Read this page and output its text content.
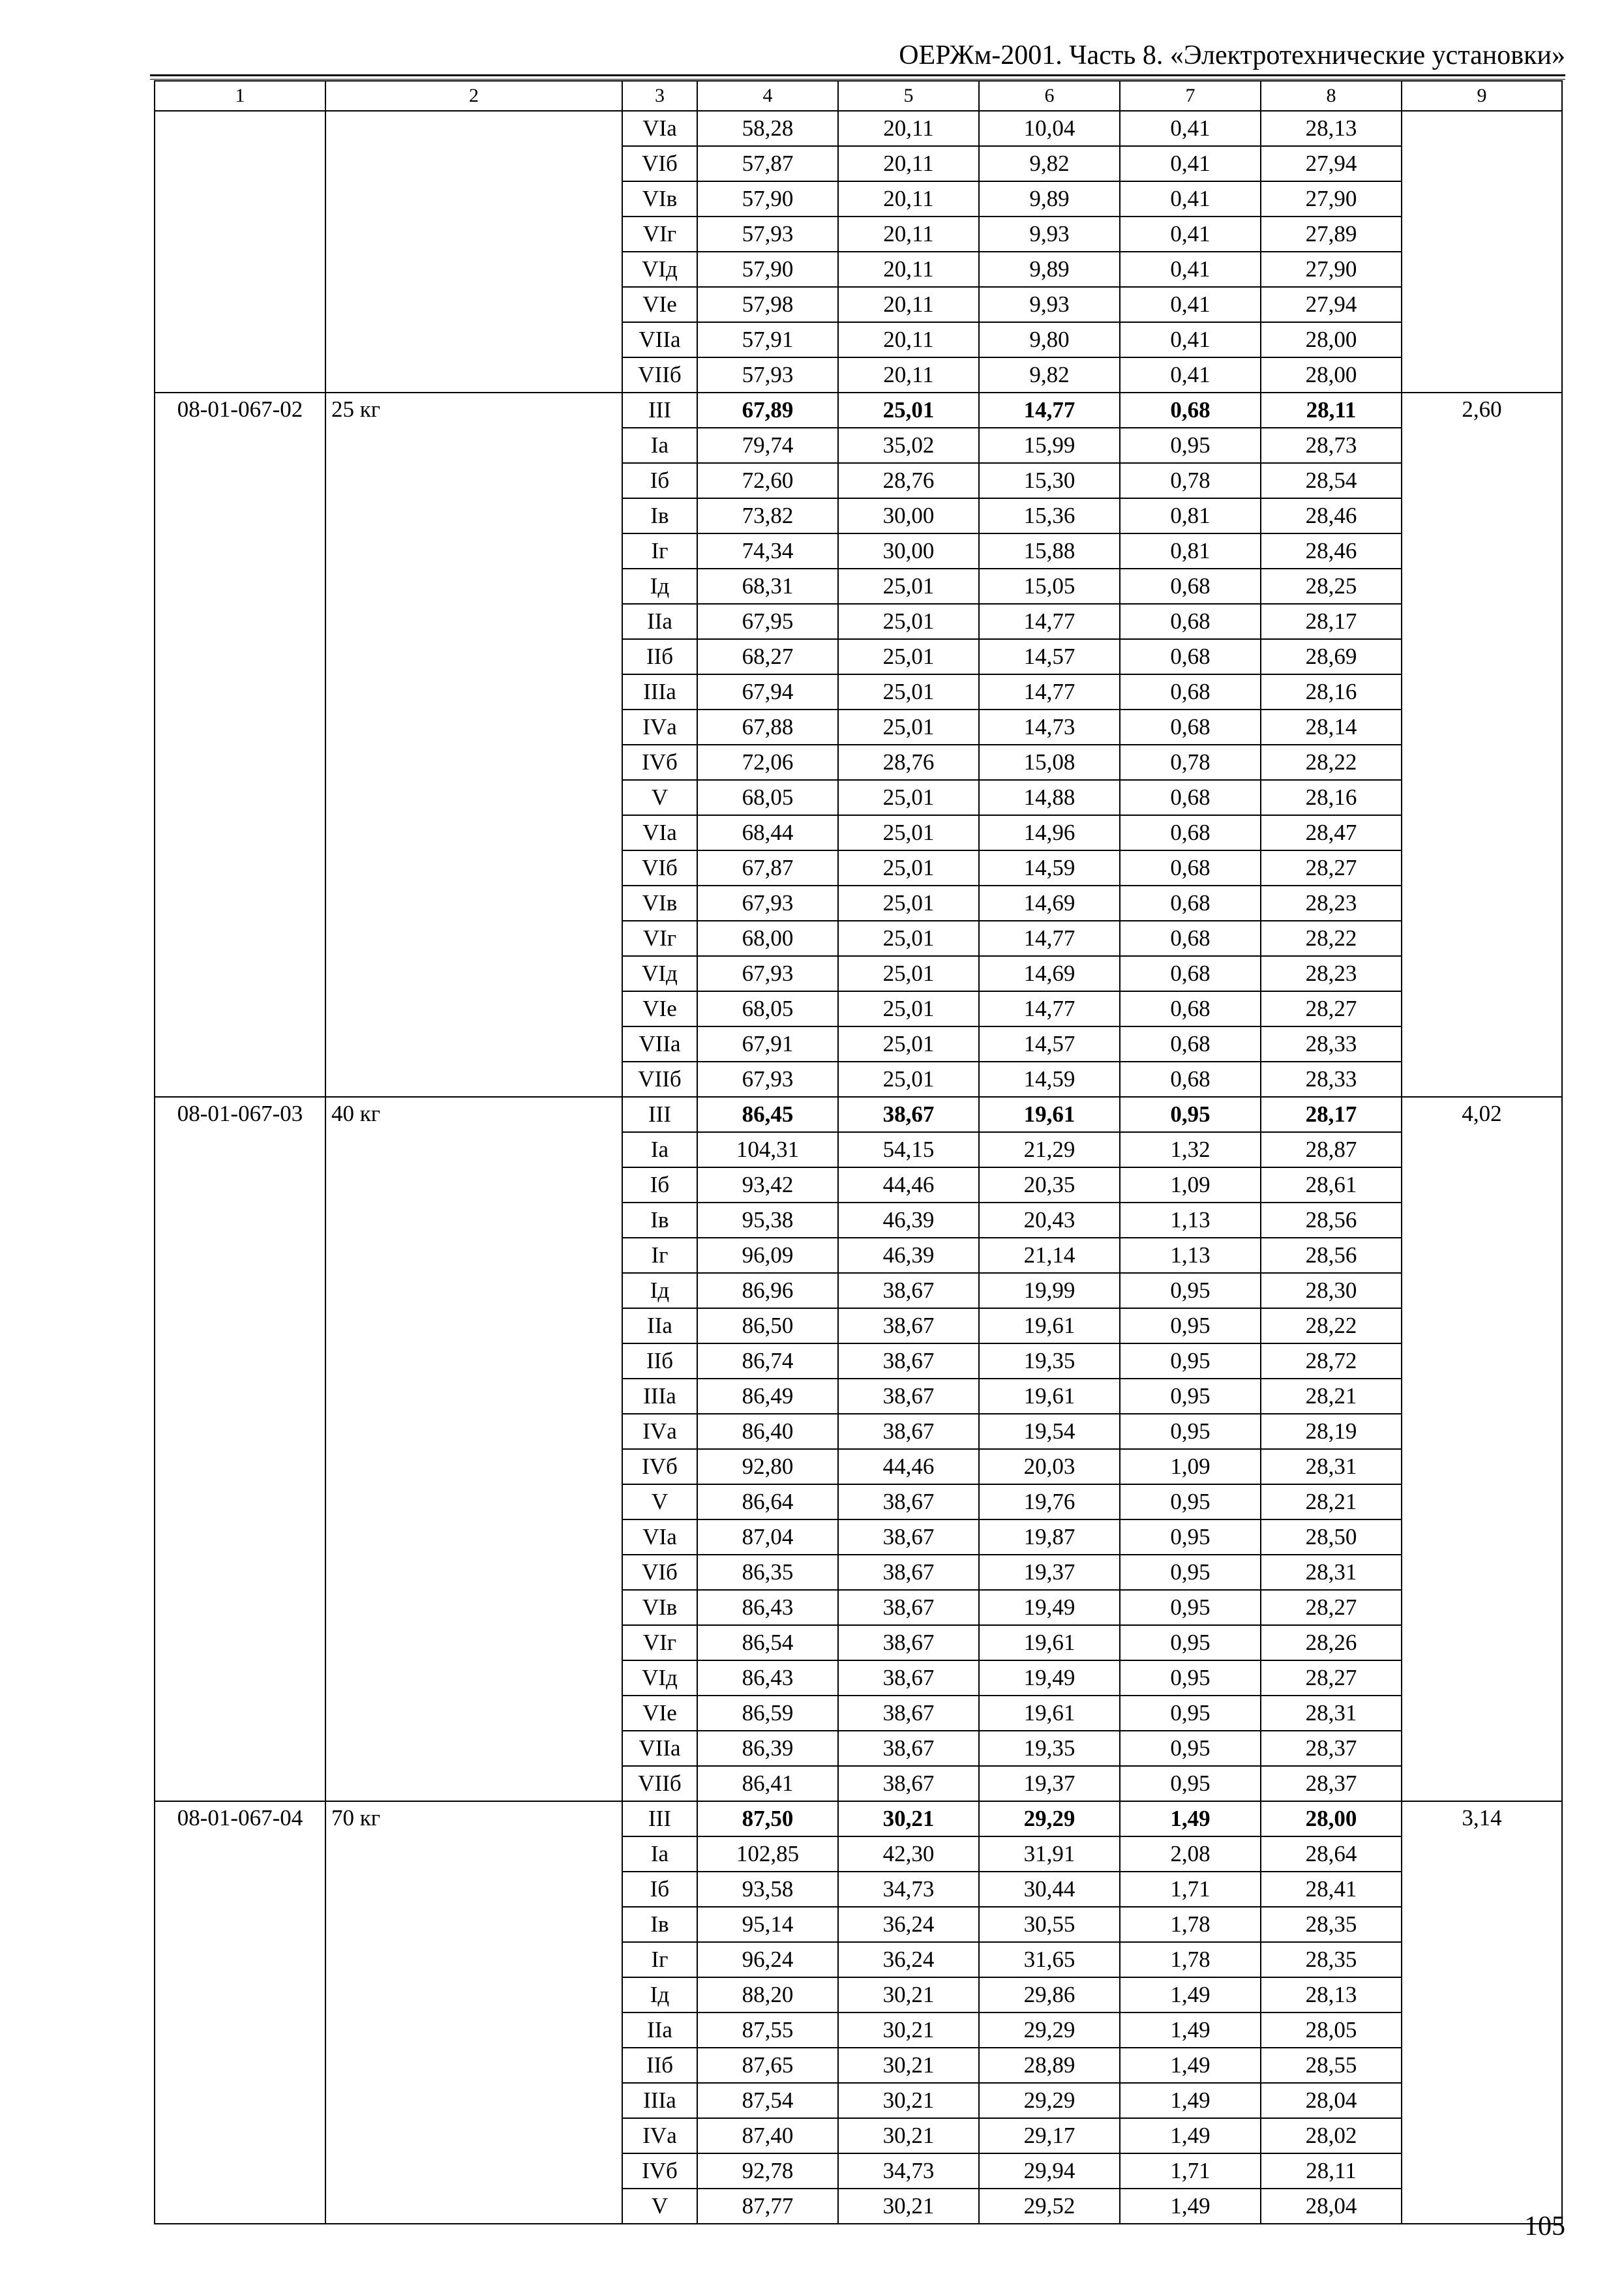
ОЕРЖм-2001. Часть 8. «Электротехнические установки»
1	2	3	4	5	6	7	8	9
		VIа	58,28	20,11	10,04	0,41	28,13	
		VIб	57,87	20,11	9,82	0,41	27,94	
		VIв	57,90	20,11	9,89	0,41	27,90	
		VIг	57,93	20,11	9,93	0,41	27,89	
		VIд	57,90	20,11	9,89	0,41	27,90	
		VIе	57,98	20,11	9,93	0,41	27,94	
		VIIа	57,91	20,11	9,80	0,41	28,00	
		VIIб	57,93	20,11	9,82	0,41	28,00	
08-01-067-02	25 кг	III	67,89	25,01	14,77	0,68	28,11	2,60
		Iа	79,74	35,02	15,99	0,95	28,73	
		Iб	72,60	28,76	15,30	0,78	28,54	
		Iв	73,82	30,00	15,36	0,81	28,46	
		Iг	74,34	30,00	15,88	0,81	28,46	
		Iд	68,31	25,01	15,05	0,68	28,25	
		IIа	67,95	25,01	14,77	0,68	28,17	
		IIб	68,27	25,01	14,57	0,68	28,69	
		IIIа	67,94	25,01	14,77	0,68	28,16	
		IVа	67,88	25,01	14,73	0,68	28,14	
		IVб	72,06	28,76	15,08	0,78	28,22	
		V	68,05	25,01	14,88	0,68	28,16	
		VIа	68,44	25,01	14,96	0,68	28,47	
		VIб	67,87	25,01	14,59	0,68	28,27	
		VIв	67,93	25,01	14,69	0,68	28,23	
		VIг	68,00	25,01	14,77	0,68	28,22	
		VIд	67,93	25,01	14,69	0,68	28,23	
		VIе	68,05	25,01	14,77	0,68	28,27	
		VIIа	67,91	25,01	14,57	0,68	28,33	
		VIIб	67,93	25,01	14,59	0,68	28,33	
08-01-067-03	40 кг	III	86,45	38,67	19,61	0,95	28,17	4,02
		Iа	104,31	54,15	21,29	1,32	28,87	
		Iб	93,42	44,46	20,35	1,09	28,61	
		Iв	95,38	46,39	20,43	1,13	28,56	
		Iг	96,09	46,39	21,14	1,13	28,56	
		Iд	86,96	38,67	19,99	0,95	28,30	
		IIа	86,50	38,67	19,61	0,95	28,22	
		IIб	86,74	38,67	19,35	0,95	28,72	
		IIIа	86,49	38,67	19,61	0,95	28,21	
		IVа	86,40	38,67	19,54	0,95	28,19	
		IVб	92,80	44,46	20,03	1,09	28,31	
		V	86,64	38,67	19,76	0,95	28,21	
		VIа	87,04	38,67	19,87	0,95	28,50	
		VIб	86,35	38,67	19,37	0,95	28,31	
		VIв	86,43	38,67	19,49	0,95	28,27	
		VIг	86,54	38,67	19,61	0,95	28,26	
		VIд	86,43	38,67	19,49	0,95	28,27	
		VIе	86,59	38,67	19,61	0,95	28,31	
		VIIа	86,39	38,67	19,35	0,95	28,37	
		VIIб	86,41	38,67	19,37	0,95	28,37	
08-01-067-04	70 кг	III	87,50	30,21	29,29	1,49	28,00	3,14
		Iа	102,85	42,30	31,91	2,08	28,64	
		Iб	93,58	34,73	30,44	1,71	28,41	
		Iв	95,14	36,24	30,55	1,78	28,35	
		Iг	96,24	36,24	31,65	1,78	28,35	
		Iд	88,20	30,21	29,86	1,49	28,13	
		IIа	87,55	30,21	29,29	1,49	28,05	
		IIб	87,65	30,21	28,89	1,49	28,55	
		IIIа	87,54	30,21	29,29	1,49	28,04	
		IVа	87,40	30,21	29,17	1,49	28,02	
		IVб	92,78	34,73	29,94	1,71	28,11	
		V	87,77	30,21	29,52	1,49	28,04	
105
